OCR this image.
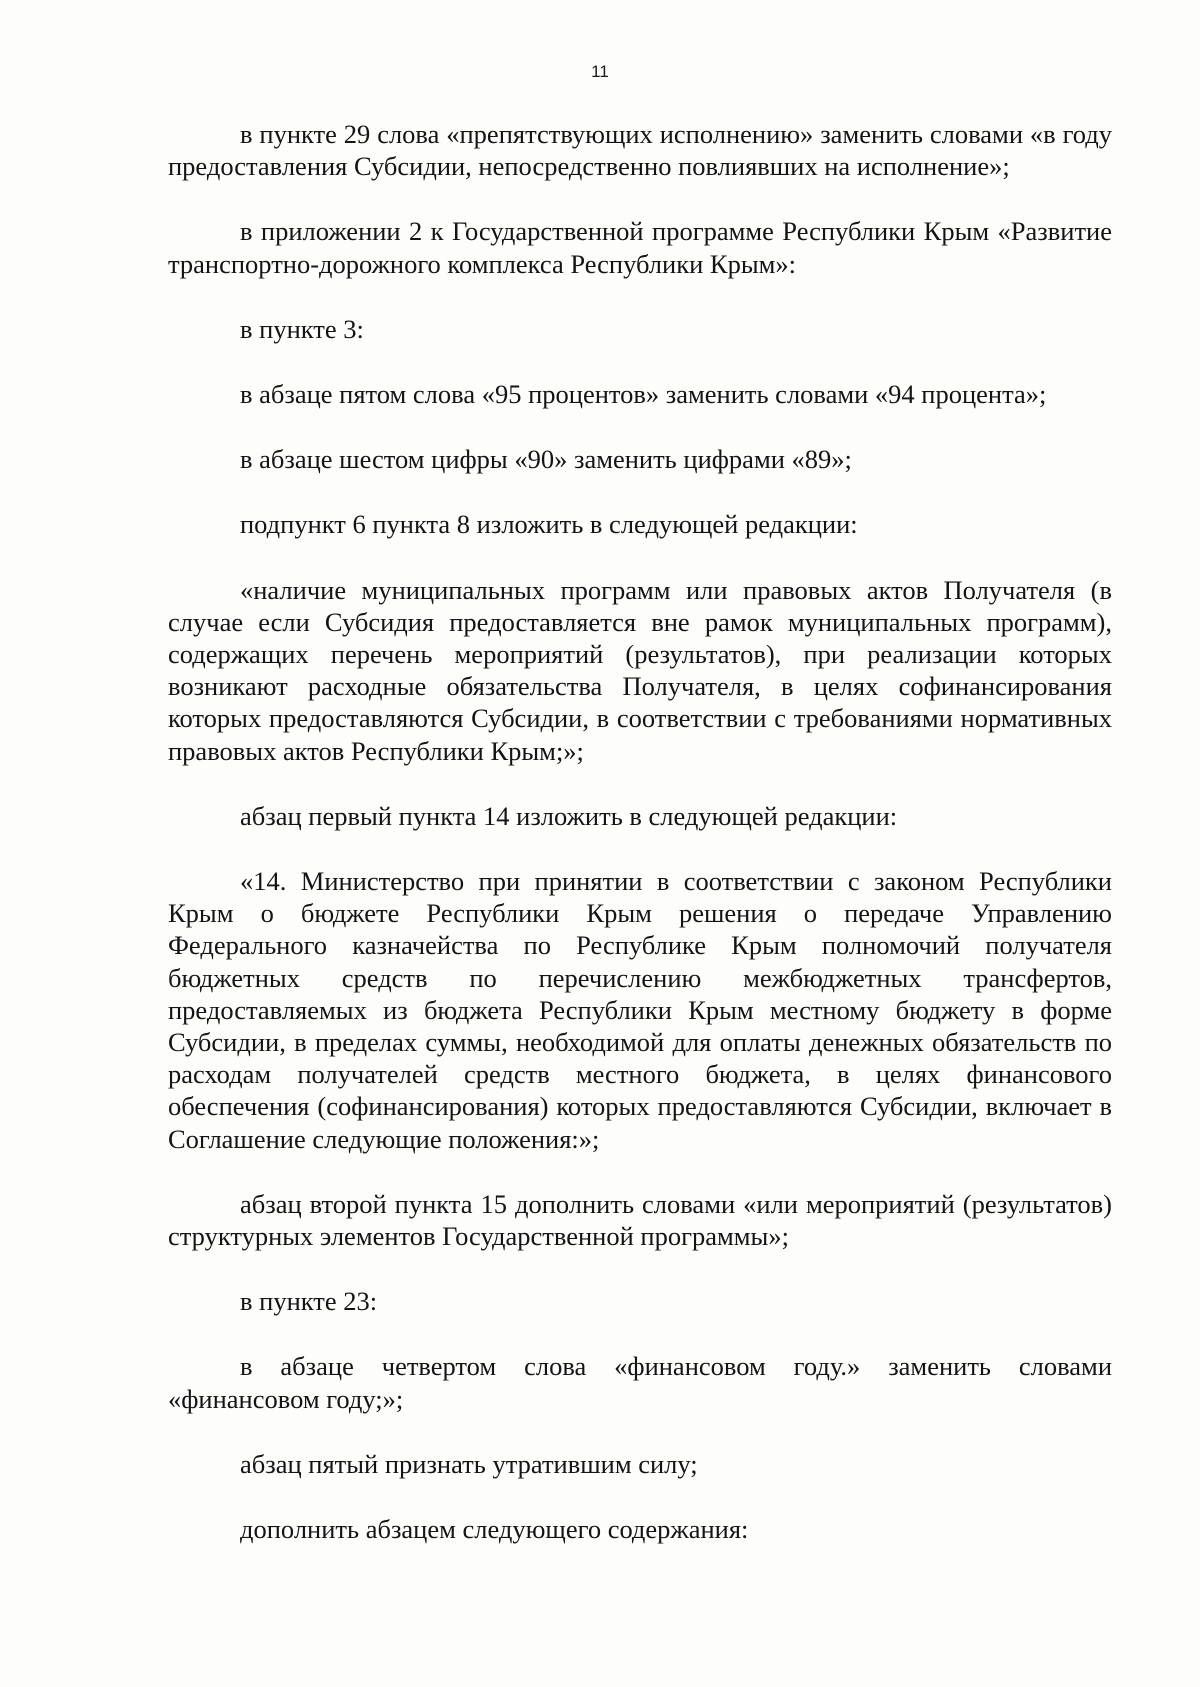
11

в пункте 29 слова «препятствующих исполнению» заменить словами «в году предоставления Субсидии, непосредственно повлиявших на исполнение»;

в приложении 2 к Государственной программе Республики Крым «Развитие транспортно-дорожного комплекса Республики Крым»:

в пункте 3:

в абзаце пятом слова «95 процентов» заменить словами «94 процента»;

в абзаце шестом цифры «90» заменить цифрами «89»;

подпункт 6 пункта 8 изложить в следующей редакции:

«наличие муниципальных программ или правовых актов Получателя (в случае если Субсидия предоставляется вне рамок муниципальных программ), содержащих перечень мероприятий (результатов), при реализации которых возникают расходные обязательства Получателя, в целях софинансирования которых предоставляются Субсидии, в соответствии с требованиями нормативных правовых актов Республики Крым;»;

абзац первый пункта 14 изложить в следующей редакции:

«14. Министерство при принятии в соответствии с законом Республики Крым о бюджете Республики Крым решения о передаче Управлению Федерального казначейства по Республике Крым полномочий получателя бюджетных средств по перечислению межбюджетных трансфертов, предоставляемых из бюджета Республики Крым местному бюджету в форме Субсидии, в пределах суммы, необходимой для оплаты денежных обязательств по расходам получателей средств местного бюджета, в целях финансового обеспечения (софинансирования) которых предоставляются Субсидии, включает в Соглашение следующие положения:»;

абзац второй пункта 15 дополнить словами «или мероприятий (результатов) структурных элементов Государственной программы»;

в пункте 23:

в абзаце четвертом слова «финансовом году.» заменить словами «финансовом году;»;

абзац пятый признать утратившим силу;

дополнить абзацем следующего содержания:
